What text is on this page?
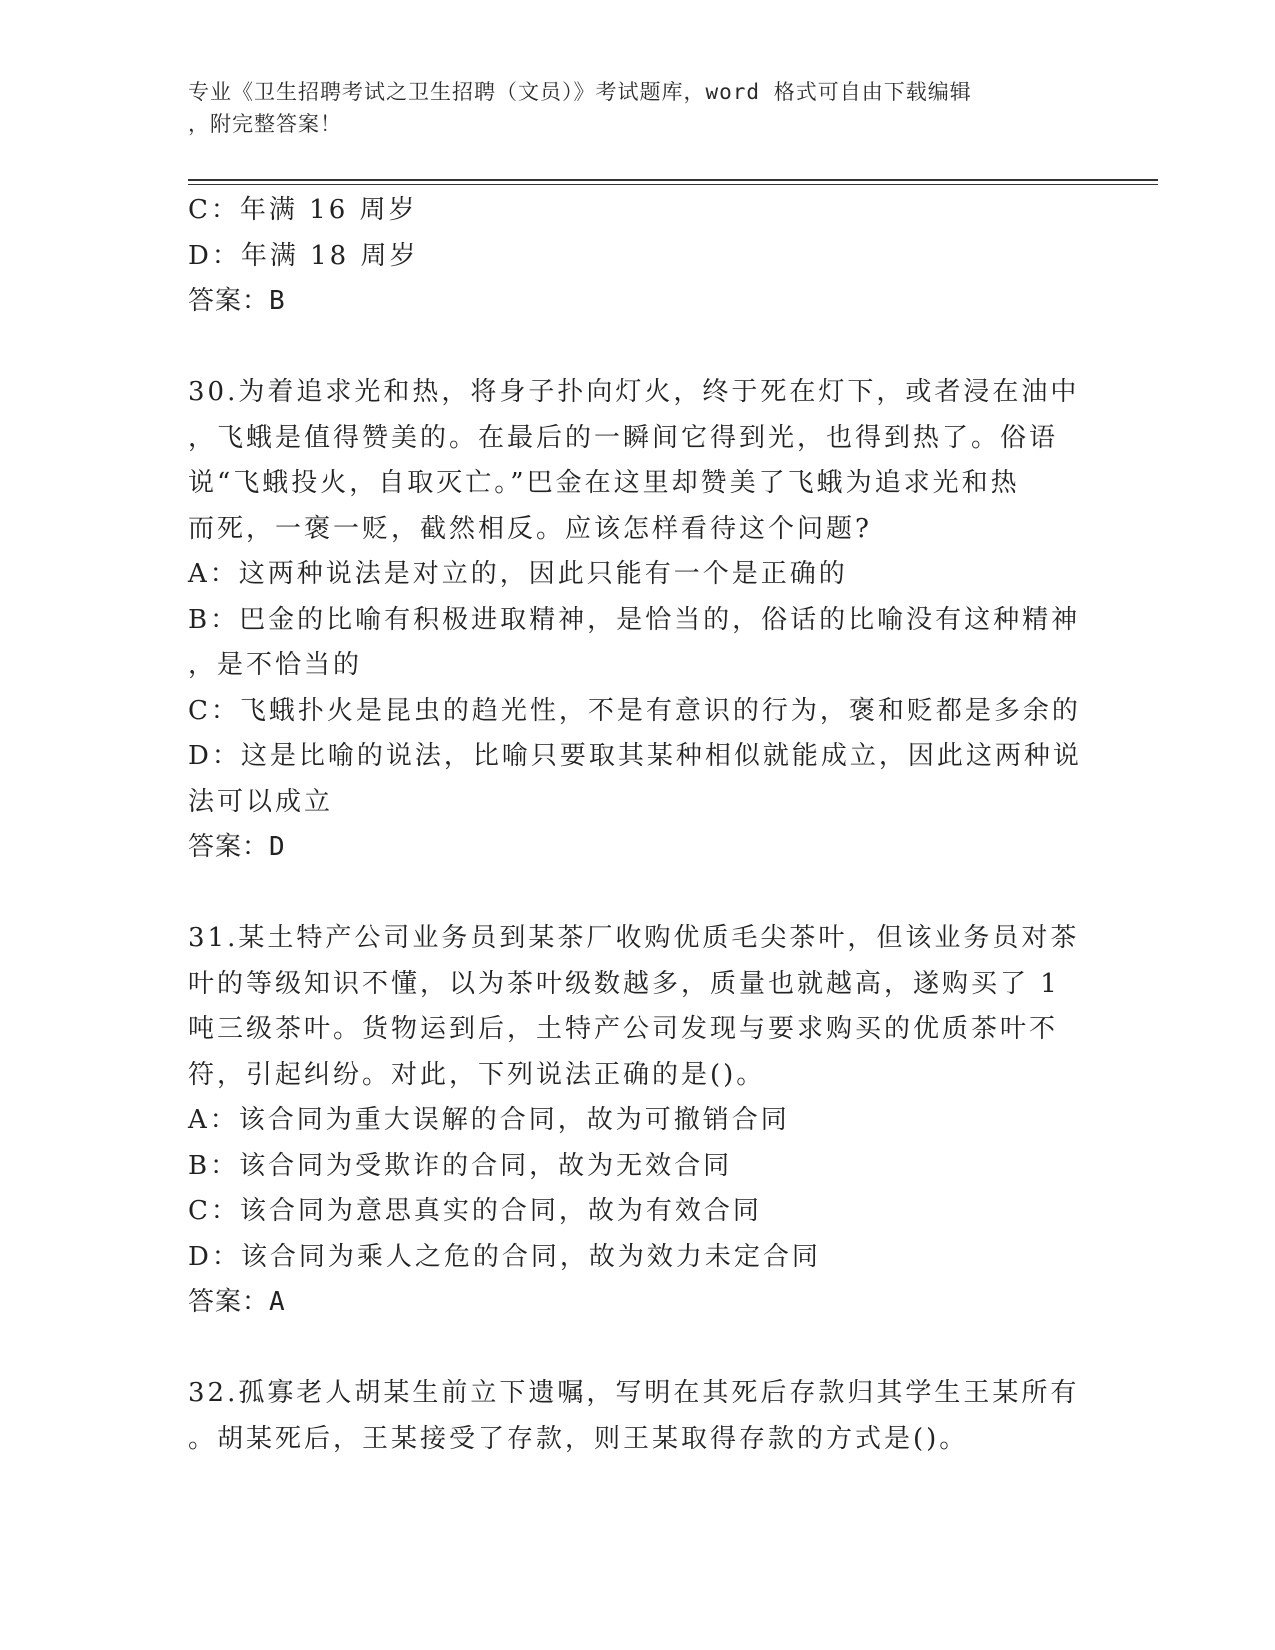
专业《卫生招聘考试之卫生招聘（文员）》考试题库，word 格式可自由下载编辑
，附完整答案！
C：年满 16 周岁
D：年满 18 周岁
答案：B
30.为着追求光和热，将身子扑向灯火，终于死在灯下，或者浸在油中
，飞蛾是值得赞美的。在最后的一瞬间它得到光，也得到热了。俗语
说“飞蛾投火，自取灭亡。”巴金在这里却赞美了飞蛾为追求光和热
而死，一褒一贬，截然相反。应该怎样看待这个问题?
A：这两种说法是对立的，因此只能有一个是正确的
B：巴金的比喻有积极进取精神，是恰当的，俗话的比喻没有这种精神
，是不恰当的
C：飞蛾扑火是昆虫的趋光性，不是有意识的行为，褒和贬都是多余的
D：这是比喻的说法，比喻只要取其某种相似就能成立，因此这两种说
法可以成立
答案：D
31.某土特产公司业务员到某茶厂收购优质毛尖茶叶，但该业务员对茶
叶的等级知识不懂，以为茶叶级数越多，质量也就越高，遂购买了 1
吨三级茶叶。货物运到后，土特产公司发现与要求购买的优质茶叶不
符，引起纠纷。对此，下列说法正确的是()。
A：该合同为重大误解的合同，故为可撤销合同
B：该合同为受欺诈的合同，故为无效合同
C：该合同为意思真实的合同，故为有效合同
D：该合同为乘人之危的合同，故为效力未定合同
答案：A
32.孤寡老人胡某生前立下遗嘱，写明在其死后存款归其学生王某所有
。胡某死后，王某接受了存款，则王某取得存款的方式是()。
